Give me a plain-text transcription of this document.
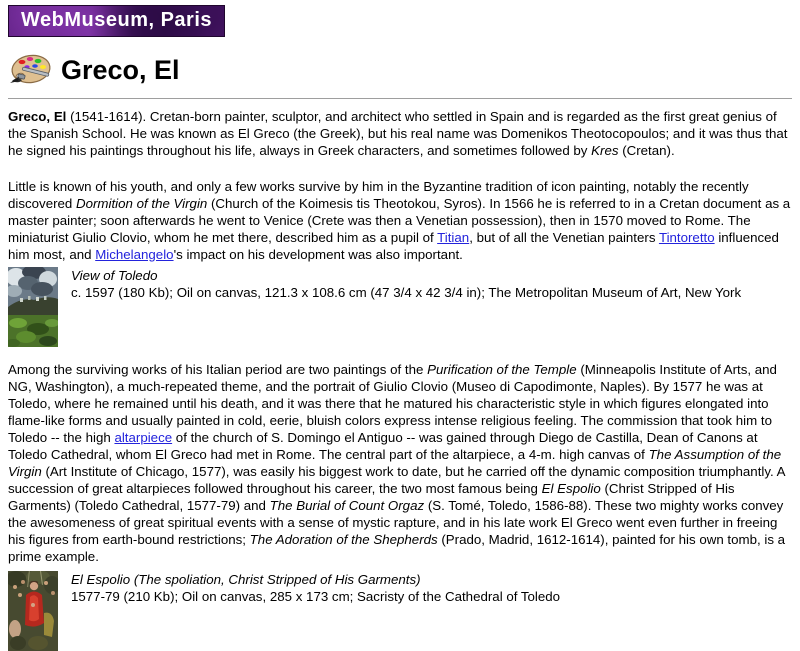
WebMuseum, Paris
Greco, El

Greco, El (1541-1614). Cretan-born painter, sculptor, and architect who settled in Spain and is regarded as the first great genius of the Spanish School. He was known as El Greco (the Greek), but his real name was Domenikos Theotocopoulos; and it was thus that he signed his paintings throughout his life, always in Greek characters, and sometimes followed by Kres (Cretan).

Little is known of his youth, and only a few works survive by him in the Byzantine tradition of icon painting, notably the recently discovered Dormition of the Virgin (Church of the Koimesis tis Theotokou, Syros). In 1566 he is referred to in a Cretan document as a master painter; soon afterwards he went to Venice (Crete was then a Venetian possession), then in 1570 moved to Rome. The miniaturist Giulio Clovio, whom he met there, described him as a pupil of Titian, but of all the Venetian painters Tintoretto influenced him most, and Michelangelo's impact on his development was also important.

View of Toledo
c. 1597 (180 Kb); Oil on canvas, 121.3 x 108.6 cm (47 3/4 x 42 3/4 in); The Metropolitan Museum of Art, New York

Among the surviving works of his Italian period are two paintings of the Purification of the Temple (Minneapolis Institute of Arts, and NG, Washington), a much-repeated theme, and the portrait of Giulio Clovio (Museo di Capodimonte, Naples). By 1577 he was at Toledo, where he remained until his death, and it was there that he matured his characteristic style in which figures elongated into flame-like forms and usually painted in cold, eerie, bluish colors express intense religious feeling. The commission that took him to Toledo -- the high altarpiece of the church of S. Domingo el Antiguo -- was gained through Diego de Castilla, Dean of Canons at Toledo Cathedral, whom El Greco had met in Rome. The central part of the altarpiece, a 4-m. high canvas of The Assumption of the Virgin (Art Institute of Chicago, 1577), was easily his biggest work to date, but he carried off the dynamic composition triumphantly. A succession of great altarpieces followed throughout his career, the two most famous being El Espolio (Christ Stripped of His Garments) (Toledo Cathedral, 1577-79) and The Burial of Count Orgaz (S. Tomé, Toledo, 1586-88). These two mighty works convey the awesomeness of great spiritual events with a sense of mystic rapture, and in his late work El Greco went even further in freeing his figures from earth-bound restrictions; The Adoration of the Shepherds (Prado, Madrid, 1612-1614), painted for his own tomb, is a prime example.

El Espolio (The spoliation, Christ Stripped of His Garments)
1577-79 (210 Kb); Oil on canvas, 285 x 173 cm; Sacristy of the Cathedral of Toledo
